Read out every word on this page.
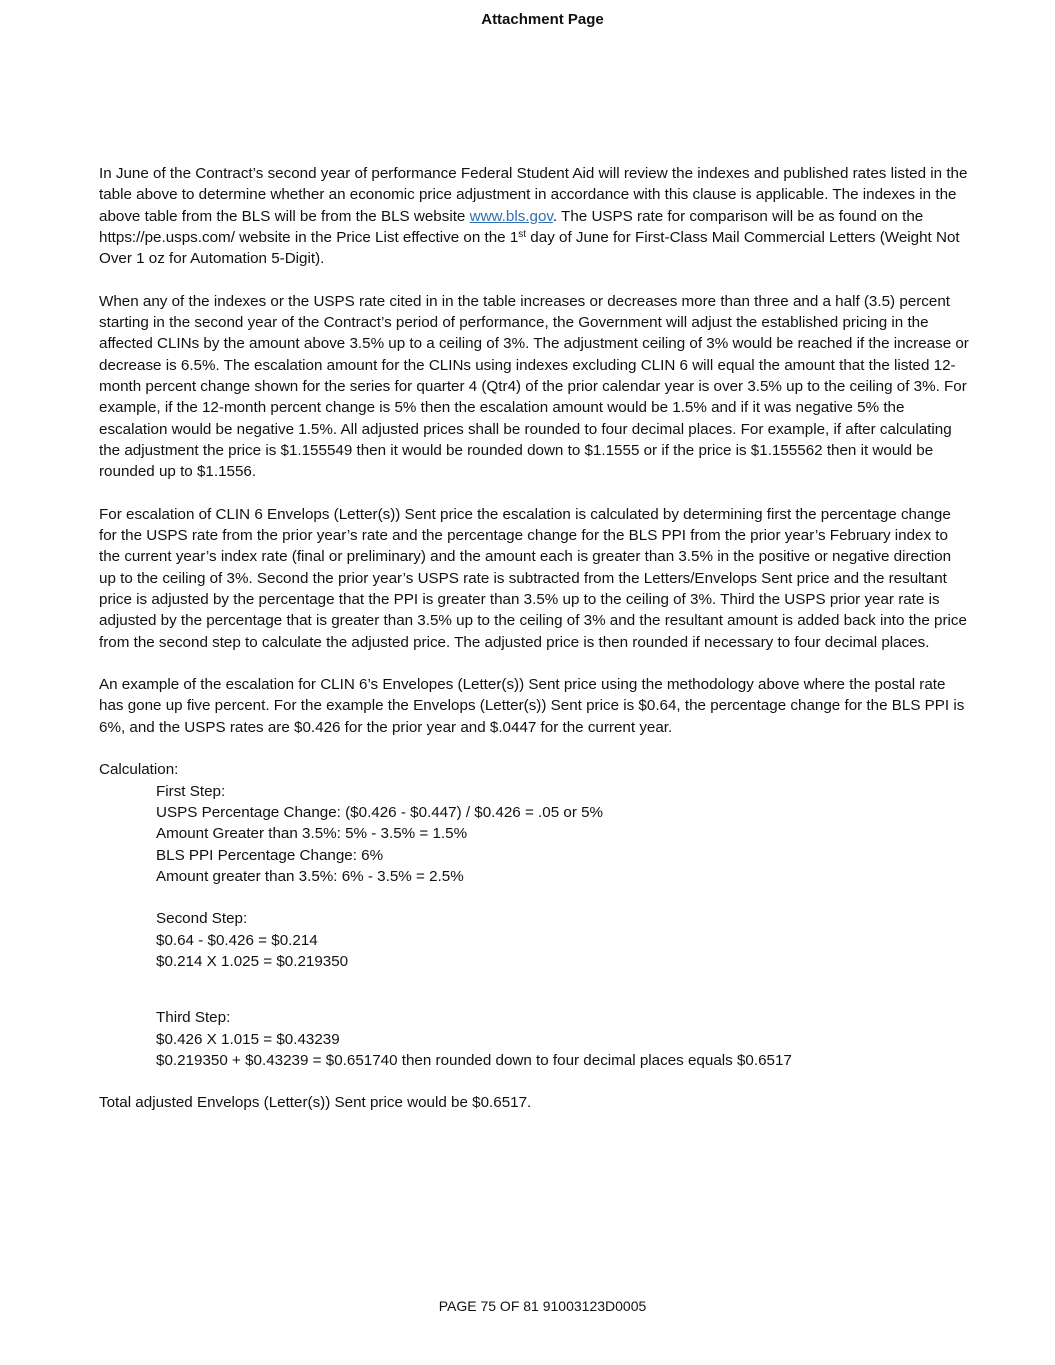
Attachment Page

In June of the Contract’s second year of performance Federal Student Aid will review the indexes and published rates listed in the table above to determine whether an economic price adjustment in accordance with this clause is applicable. The indexes in the above table from the BLS will be from the BLS website www.bls.gov. The USPS rate for comparison will be as found on the https://pe.usps.com/ website in the Price List effective on the 1st day of June for First-Class Mail Commercial Letters (Weight Not Over 1 oz for Automation 5-Digit).

When any of the indexes or the USPS rate cited in in the table increases or decreases more than three and a half (3.5) percent starting in the second year of the Contract’s period of performance, the Government will adjust the established pricing in the affected CLINs by the amount above 3.5% up to a ceiling of 3%. The adjustment ceiling of 3% would be reached if the increase or decrease is 6.5%. The escalation amount for the CLINs using indexes excluding CLIN 6 will equal the amount that the listed 12-month percent change shown for the series for quarter 4 (Qtr4) of the prior calendar year is over 3.5% up to the ceiling of 3%. For example, if the 12-month percent change is 5% then the escalation amount would be 1.5% and if it was negative 5% the escalation would be negative 1.5%. All adjusted prices shall be rounded to four decimal places. For example, if after calculating the adjustment the price is $1.155549 then it would be rounded down to $1.1555 or if the price is $1.155562 then it would be rounded up to $1.1556.

For escalation of CLIN 6 Envelops (Letter(s)) Sent price the escalation is calculated by determining first the percentage change for the USPS rate from the prior year’s rate and the percentage change for the BLS PPI from the prior year’s February index to the current year’s index rate (final or preliminary) and the amount each is greater than 3.5% in the positive or negative direction up to the ceiling of 3%. Second the prior year’s USPS rate is subtracted from the Letters/Envelops Sent price and the resultant price is adjusted by the percentage that the PPI is greater than 3.5% up to the ceiling of 3%. Third the USPS prior year rate is adjusted by the percentage that is greater than 3.5% up to the ceiling of 3% and the resultant amount is added back into the price from the second step to calculate the adjusted price. The adjusted price is then rounded if necessary to four decimal places.

An example of the escalation for CLIN 6’s Envelopes (Letter(s)) Sent price using the methodology above where the postal rate has gone up five percent. For the example the Envelops (Letter(s)) Sent price is $0.64, the percentage change for the BLS PPI is 6%, and the USPS rates are $0.426 for the prior year and $.0447 for the current year.

Calculation:
First Step:
USPS Percentage Change: ($0.426 - $0.447) / $0.426 = .05 or 5%
Amount Greater than 3.5%: 5% - 3.5% = 1.5%
BLS PPI Percentage Change: 6%
Amount greater than 3.5%: 6% - 3.5% = 2.5%
Second Step:
$0.64 - $0.426 = $0.214
$0.214 X 1.025 = $0.219350
Third Step:
$0.426 X 1.015 = $0.43239
$0.219350 + $0.43239 = $0.651740 then rounded down to four decimal places equals $0.6517

Total adjusted Envelops (Letter(s)) Sent price would be $0.6517.

PAGE 75 OF 81 91003123D0005
